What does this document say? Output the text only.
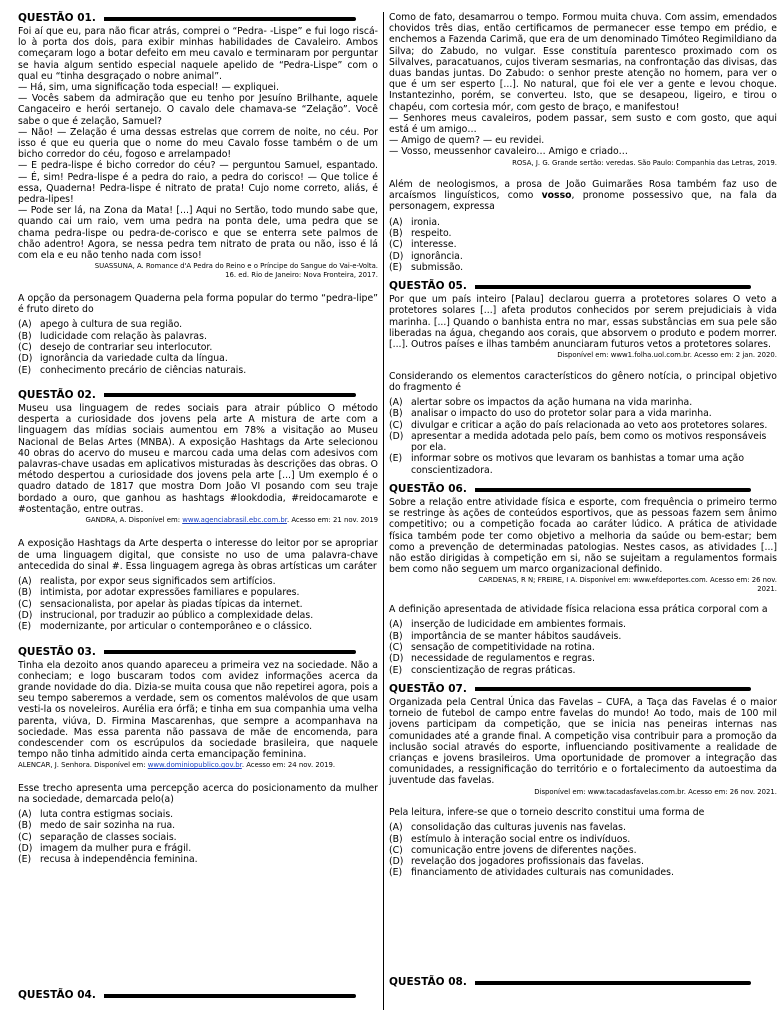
QUESTÃO 01.

Foi aí que eu, para não ficar atrás, comprei o “Pedra- -Lispe” e fui logo riscá-lo à porta dos dois, para exibir minhas habilidades de Cavaleiro. Ambos começaram logo a botar defeito em meu cavalo e terminaram por perguntar se havia algum sentido especial naquele apelido de “Pedra-Lispe” com o qual eu “tinha desgraçado o nobre animal”.

— Há, sim, uma significação toda especial! — expliquei.

— Vocês sabem da admiração que eu tenho por Jesuíno Brilhante, aquele Cangaceiro e herói sertanejo. O cavalo dele chamava-se “Zelação”. Você sabe o que é zelação, Samuel?

— Não! — Zelação é uma dessas estrelas que correm de noite, no céu. Por isso é que eu queria que o nome do meu Cavalo fosse também o de um bicho corredor do céu, fogoso e arrelampado!

— E pedra-lispe é bicho corredor do céu? — perguntou Samuel, espantado. — É, sim! Pedra-lispe é a pedra do raio, a pedra do corisco! — Que tolice é essa, Quaderna! Pedra-lispe é nitrato de prata! Cujo nome correto, aliás, é pedra-lipes!

— Pode ser lá, na Zona da Mata! [...] Aqui no Sertão, todo mundo sabe que, quando cai um raio, vem uma pedra na ponta dele, uma pedra que se chama pedra-lispe ou pedra-de-corisco e que se enterra sete palmos de chão adentro! Agora, se nessa pedra tem nitrato de prata ou não, isso é lá com ela e eu não tenho nada com isso!

SUASSUNA, A. Romance d'A Pedra do Reino e o Príncipe do Sangue do Vai-e-Volta.
16. ed. Rio de Janeiro: Nova Fronteira, 2017.

A opção da personagem Quaderna pela forma popular do termo “pedra-lipe” é fruto direto do

(A) apego à cultura de sua região.
(B) ludicidade com relação às palavras.
(C) desejo de contrariar seu interlocutor.
(D) ignorância da variedade culta da língua.
(E) conhecimento precário de ciências naturais.
QUESTÃO 02.

Museu usa linguagem de redes sociais para atrair público O método desperta a curiosidade dos jovens pela arte A mistura de arte com a linguagem das mídias sociais aumentou em 78% a visitação ao Museu Nacional de Belas Artes (MNBA). A exposição Hashtags da Arte selecionou 40 obras do acervo do museu e marcou cada uma delas com adesivos com palavras-chave usadas em aplicativos misturadas às descrições das obras. O método despertou a curiosidade dos jovens pela arte [...] Um exemplo é o quadro datado de 1817 que mostra Dom João VI posando com seu traje bordado a ouro, que ganhou as hashtags #lookdodia, #reidocamarote e #ostentação, entre outras.

GANDRA, A. Disponível em: www.agenciabrasil.ebc.com.br. Acesso em: 21 nov. 2019

A exposição Hashtags da Arte desperta o interesse do leitor por se apropriar de uma linguagem digital, que consiste no uso de uma palavra-chave antecedida do sinal #. Essa linguagem agrega às obras artísticas um caráter

(A) realista, por expor seus significados sem artifícios.
(B) intimista, por adotar expressões familiares e populares.
(C) sensacionalista, por apelar às piadas típicas da internet.
(D) instrucional, por traduzir ao público a complexidade delas.
(E) modernizante, por articular o contemporâneo e o clássico.
QUESTÃO 03.

Tinha ela dezoito anos quando apareceu a primeira vez na sociedade. Não a conheciam; e logo buscaram todos com avidez informações acerca da grande novidade do dia. Dizia-se muita cousa que não repetirei agora, pois a seu tempo saberemos a verdade, sem os comentos malévolos de que usam vesti-la os noveleiros. Aurélia era órfã; e tinha em sua companhia uma velha parenta, viúva, D. Firmina Mascarenhas, que sempre a acompanhava na sociedade. Mas essa parenta não passava de mãe de encomenda, para condescender com os escrúpulos da sociedade brasileira, que naquele tempo não tinha admitido ainda certa emancipação feminina.

ALENCAR, J. Senhora. Disponível em: www.dominiopublico.gov.br. Acesso em: 24 nov. 2019.

Esse trecho apresenta uma percepção acerca do posicionamento da mulher na sociedade, demarcada pelo(a)

(A) luta contra estigmas sociais.
(B) medo de sair sozinha na rua.
(C) separação de classes sociais.
(D) imagem da mulher pura e frágil.
(E) recusa à independência feminina.
QUESTÃO 04.

Como de fato, desamarrou o tempo. Formou muita chuva. Com assim, emendados chovidos três dias, então certificamos de permanecer esse tempo em prédio, e enchemos a Fazenda Carimã, que era de um denominado Timóteo Regimildiano da Silva; do Zabudo, no vulgar. Esse constituía parentesco proximado com os Silvalves, paracatuanos, cujos tiveram sesmarias, na confrontação das divisas, das duas bandas juntas. Do Zabudo: o senhor preste atenção no homem, para ver o que é um ser esperto [...]. No natural, que foi ele ver a gente e levou choque. Instantezinho, porém, se converteu. Isto, que se desapeou, ligeiro, e tirou o chapéu, com cortesia mór, com gesto de braço, e manifestou!

— Senhores meus cavaleiros, podem passar, sem susto e com gosto, que aqui está é um amigo…

— Amigo de quem? — eu revidei.

— Vosso, meussenhor cavaleiro… Amigo e criado…

ROSA, J. G. Grande sertão: veredas. São Paulo: Companhia das Letras, 2019.

Além de neologismos, a prosa de João Guimarães Rosa também faz uso de arcaísmos linguísticos, como vosso, pronome possessivo que, na fala da personagem, expressa

(A) ironia.
(B) respeito.
(C) interesse.
(D) ignorância.
(E) submissão.
QUESTÃO 05.

Por que um país inteiro [Palau] declarou guerra a protetores solares O veto a protetores solares [...] afeta produtos conhecidos por serem prejudiciais à vida marinha. [...] Quando o banhista entra no mar, essas substâncias em sua pele são liberadas na água, chegando aos corais, que absorvem o produto e podem morrer. [...]. Outros países e ilhas também anunciaram futuros vetos a protetores solares.

Disponível em: www1.folha.uol.com.br. Acesso em: 2 jan. 2020.

Considerando os elementos característicos do gênero notícia, o principal objetivo do fragmento é

(A) alertar sobre os impactos da ação humana na vida marinha.
(B) analisar o impacto do uso do protetor solar para a vida marinha.
(C) divulgar e criticar a ação do país relacionada ao veto aos protetores solares.
(D) apresentar a medida adotada pelo país, bem como os motivos responsáveis por ela.
(E) informar sobre os motivos que levaram os banhistas a tomar uma ação conscientizadora.
QUESTÃO 06.

Sobre a relação entre atividade física e esporte, com frequência o primeiro termo se restringe às ações de conteúdos esportivos, que as pessoas fazem sem ânimo competitivo; ou a competição focada ao caráter lúdico. A prática de atividade física também pode ter como objetivo a melhoria da saúde ou bem-estar; bem como a prevenção de determinadas patologias. Nestes casos, as atividades [...] não estão dirigidas à competição em si, não se sujeitam a regulamentos formais bem como não seguem um marco organizacional definido.

CARDENAS, R N; FREIRE, I A. Disponível em: www.efdeportes.com. Acesso em: 26 nov.
2021.

A definição apresentada de atividade física relaciona essa prática corporal com a

(A) inserção de ludicidade em ambientes formais.
(B) importância de se manter hábitos saudáveis.
(C) sensação de competitividade na rotina.
(D) necessidade de regulamentos e regras.
(E) conscientização de regras práticas.
QUESTÃO 07.

Organizada pela Central Única das Favelas – CUFA, a Taça das Favelas é o maior torneio de futebol de campo entre favelas do mundo! Ao todo, mais de 100 mil jovens participam da competição, que se inicia nas peneiras internas nas comunidades até a grande final. A competição visa contribuir para a promoção da inclusão social através do esporte, influenciando positivamente a realidade de crianças e jovens brasileiros. Uma oportunidade de promover a integração das comunidades, a ressignificação do território e o fortalecimento da autoestima da juventude das favelas.

Disponível em: www.tacadasfavelas.com.br. Acesso em: 26 nov. 2021.

Pela leitura, infere-se que o torneio descrito constitui uma forma de

(A) consolidação das culturas juvenis nas favelas.
(B) estímulo à interação social entre os indivíduos.
(C) comunicação entre jovens de diferentes nações.
(D) revelação dos jogadores profissionais das favelas.
(E) financiamento de atividades culturais nas comunidades.
QUESTÃO 08.
